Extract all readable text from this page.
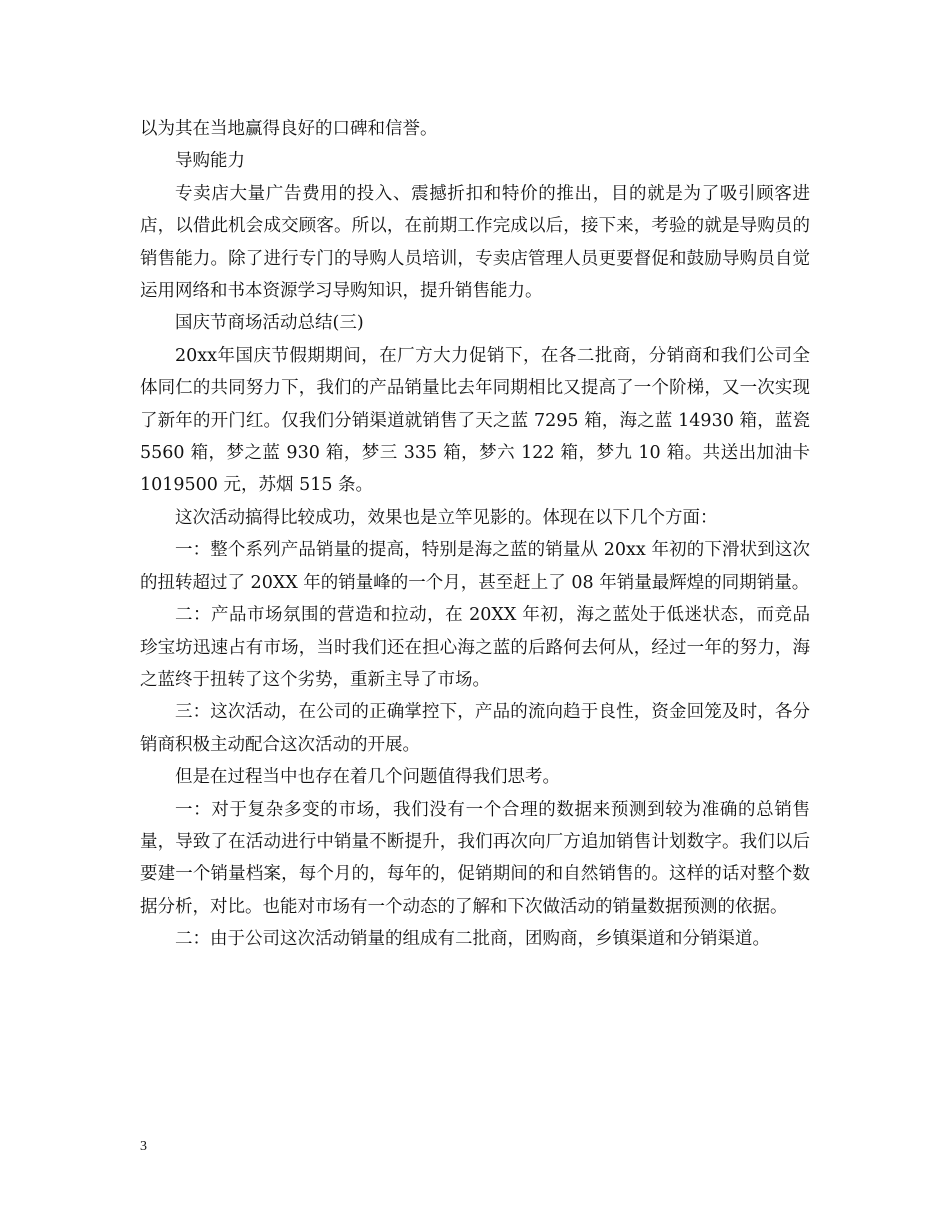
以为其在当地赢得良好的口碑和信誉。

导购能力

专卖店大量广告费用的投入、震撼折扣和特价的推出，目的就是为了吸引顾客进店，以借此机会成交顾客。所以，在前期工作完成以后，接下来，考验的就是导购员的销售能力。除了进行专门的导购人员培训，专卖店管理人员更要督促和鼓励导购员自觉运用网络和书本资源学习导购知识，提升销售能力。

国庆节商场活动总结(三)

20xx年国庆节假期期间，在厂方大力促销下，在各二批商，分销商和我们公司全体同仁的共同努力下，我们的产品销量比去年同期相比又提高了一个阶梯，又一次实现了新年的开门红。仅我们分销渠道就销售了天之蓝 7295 箱，海之蓝 14930 箱，蓝瓷 5560 箱，梦之蓝 930 箱，梦三 335 箱，梦六 122 箱，梦九 10 箱。共送出加油卡 1019500 元，苏烟 515 条。

这次活动搞得比较成功，效果也是立竿见影的。体现在以下几个方面：

一：整个系列产品销量的提高，特别是海之蓝的销量从 20xx 年初的下滑状到这次的扭转超过了 20XX 年的销量峰的一个月，甚至赶上了 08 年销量最辉煌的同期销量。

二：产品市场氛围的营造和拉动，在 20XX 年初，海之蓝处于低迷状态，而竞品珍宝坊迅速占有市场，当时我们还在担心海之蓝的后路何去何从，经过一年的努力，海之蓝终于扭转了这个劣势，重新主导了市场。

三：这次活动，在公司的正确掌控下，产品的流向趋于良性，资金回笼及时，各分销商积极主动配合这次活动的开展。

但是在过程当中也存在着几个问题值得我们思考。

一：对于复杂多变的市场，我们没有一个合理的数据来预测到较为准确的总销售量，导致了在活动进行中销量不断提升，我们再次向厂方追加销售计划数字。我们以后要建一个销量档案，每个月的，每年的，促销期间的和自然销售的。这样的话对整个数据分析，对比。也能对市场有一个动态的了解和下次做活动的销量数据预测的依据。

二：由于公司这次活动销量的组成有二批商，团购商，乡镇渠道和分销渠道。

3
